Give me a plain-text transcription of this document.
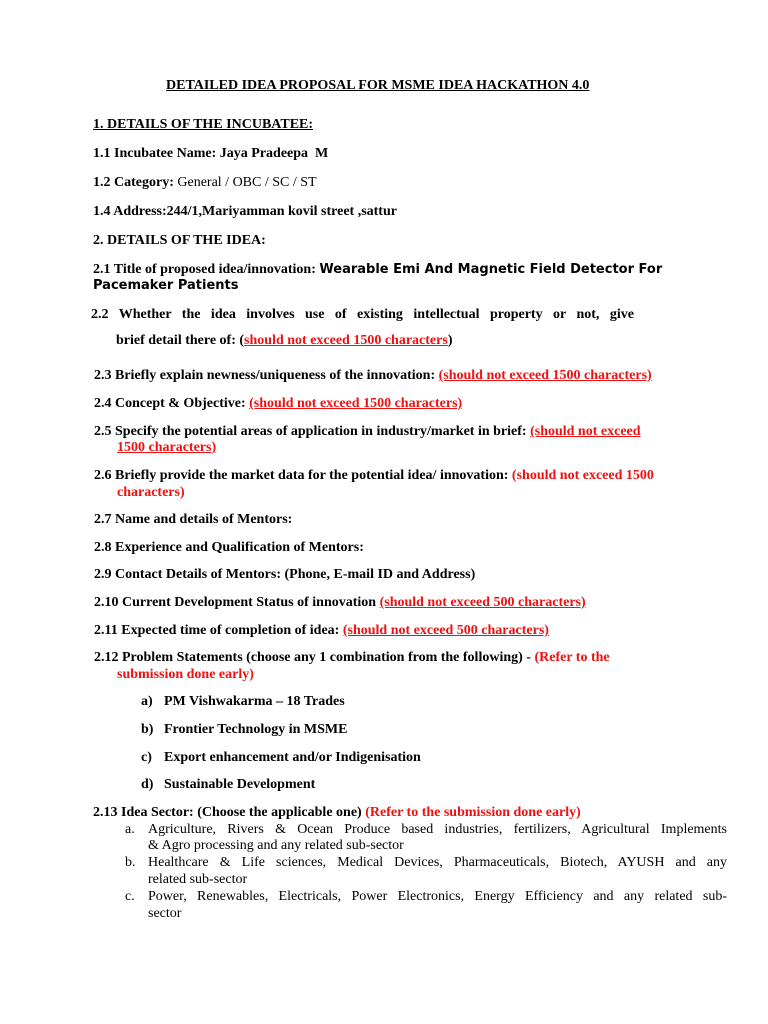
DETAILED IDEA PROPOSAL FOR MSME IDEA HACKATHON 4.0
1. DETAILS OF THE INCUBATEE:
1.1 Incubatee Name: Jaya Pradeepa  M
1.2 Category: General / OBC / SC / ST
1.4 Address:244/1,Mariyamman kovil street ,sattur
2. DETAILS OF THE IDEA:
2.1 Title of proposed idea/innovation: Wearable Emi And Magnetic Field Detector For
Pacemaker Patients
2.2 Whether the idea involves use of existing intellectual property or not, give
brief detail there of: (should not exceed 1500 characters)
2.3 Briefly explain newness/uniqueness of the innovation: (should not exceed 1500 characters)
2.4 Concept & Objective: (should not exceed 1500 characters)
2.5 Specify the potential areas of application in industry/market in brief: (should not exceed
1500 characters)
2.6 Briefly provide the market data for the potential idea/ innovation: (should not exceed 1500
characters)
2.7 Name and details of Mentors:
2.8 Experience and Qualification of Mentors:
2.9 Contact Details of Mentors: (Phone, E-mail ID and Address)
2.10 Current Development Status of innovation (should not exceed 500 characters)
2.11 Expected time of completion of idea: (should not exceed 500 characters)
2.12 Problem Statements (choose any 1 combination from the following) - (Refer to the
submission done early)
a) PM Vishwakarma – 18 Trades
b) Frontier Technology in MSME
c) Export enhancement and/or Indigenisation
d) Sustainable Development
2.13 Idea Sector: (Choose the applicable one) (Refer to the submission done early)
a. Agriculture, Rivers & Ocean Produce based industries, fertilizers, Agricultural Implements
& Agro processing and any related sub-sector
b. Healthcare & Life sciences, Medical Devices, Pharmaceuticals, Biotech, AYUSH and any
related sub-sector
c. Power, Renewables, Electricals, Power Electronics, Energy Efficiency and any related sub-
sector
